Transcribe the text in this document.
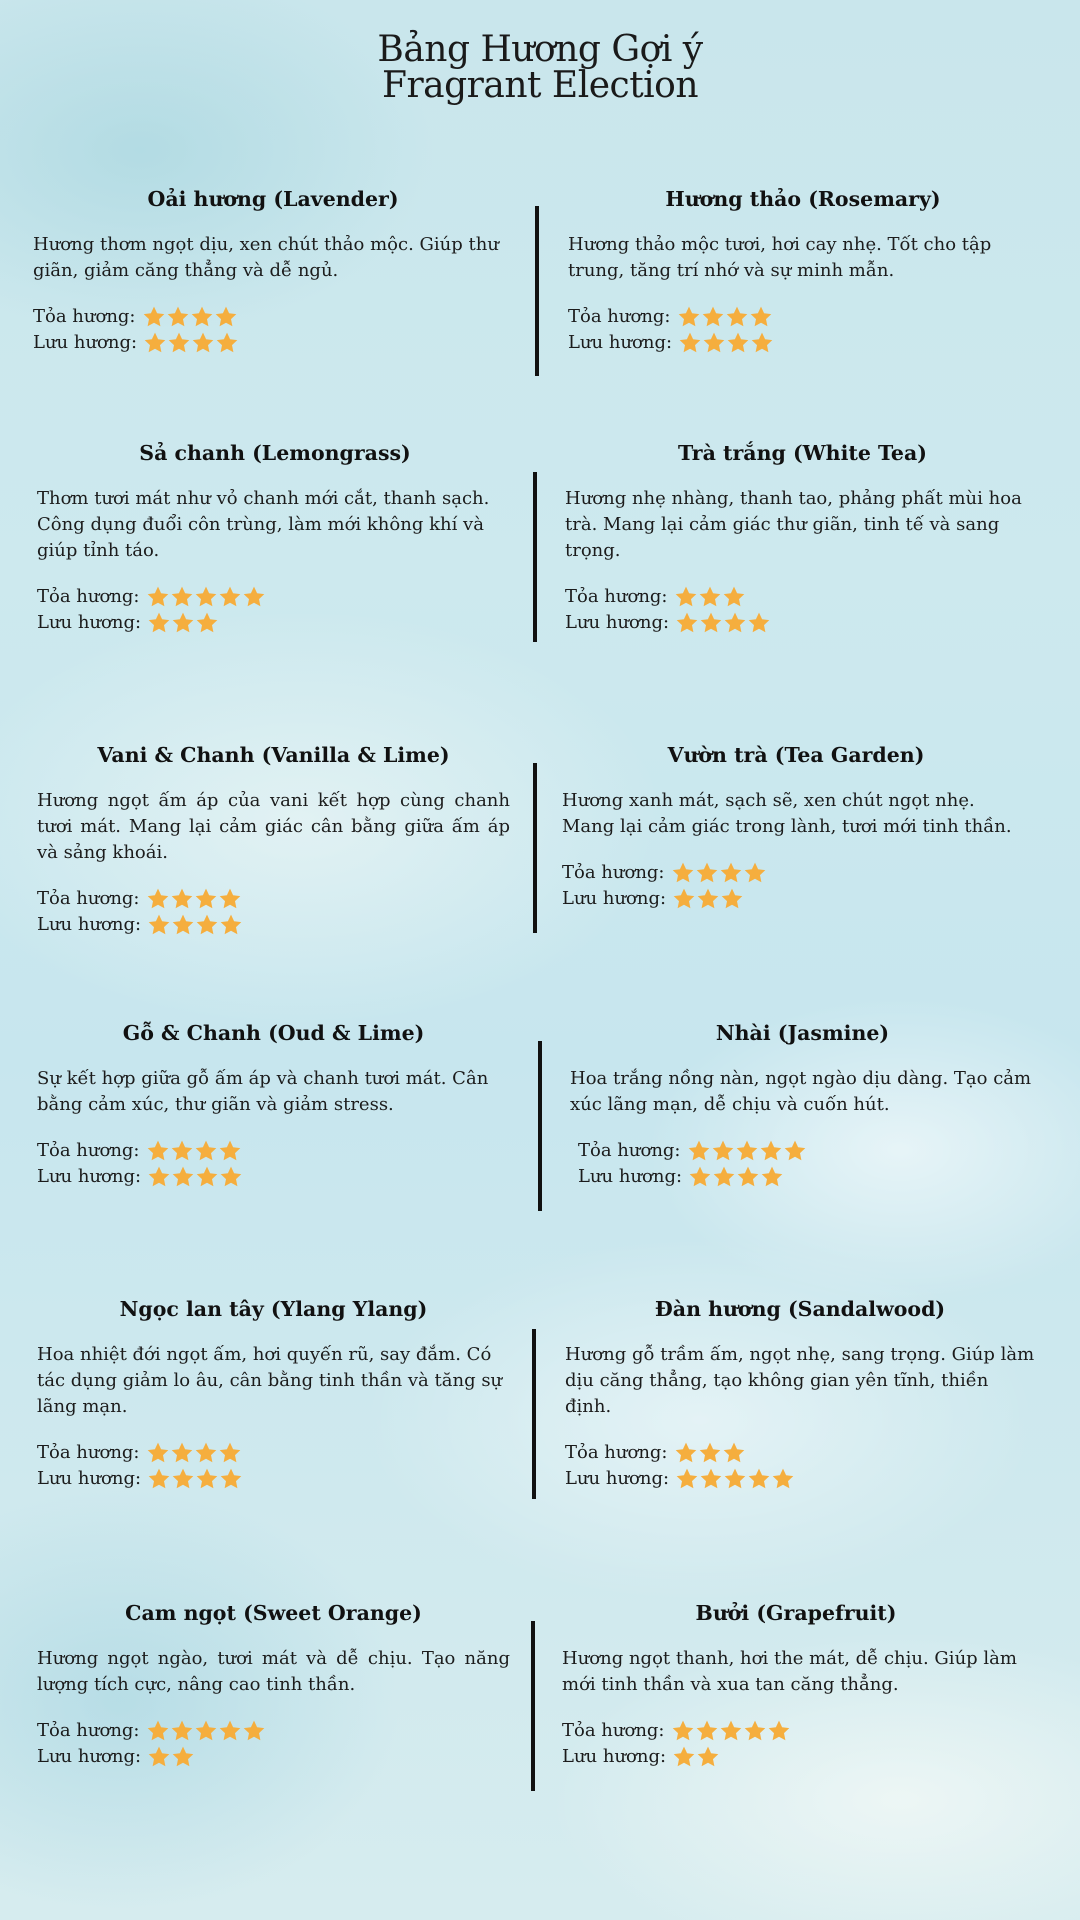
Bảng Hương Gợi ý
Fragrant Election
Oải hương (Lavender)
Hương thơm ngọt dịu, xen chút thảo mộc. Giúp thư giãn, giảm căng thẳng và dễ ngủ.
Tỏa hương:
Lưu hương:
Hương thảo (Rosemary)
Hương thảo mộc tươi, hơi cay nhẹ. Tốt cho tập trung, tăng trí nhớ và sự minh mẫn.
Tỏa hương:
Lưu hương:
Sả chanh (Lemongrass)
Thơm tươi mát như vỏ chanh mới cắt, thanh sạch. Công dụng đuổi côn trùng, làm mới không khí và giúp tỉnh táo.
Tỏa hương:
Lưu hương:
Trà trắng (White Tea)
Hương nhẹ nhàng, thanh tao, phảng phất mùi hoa trà. Mang lại cảm giác thư giãn, tinh tế và sang trọng.
Tỏa hương:
Lưu hương:
Vani & Chanh (Vanilla & Lime)
Hương ngọt ấm áp của vani kết hợp cùng chanh tươi mát. Mang lại cảm giác cân bằng giữa ấm áp và sảng khoái.
Tỏa hương:
Lưu hương:
Vườn trà (Tea Garden)
Hương xanh mát, sạch sẽ, xen chút ngọt nhẹ. Mang lại cảm giác trong lành, tươi mới tinh thần.
Tỏa hương:
Lưu hương:
Gỗ & Chanh (Oud & Lime)
Sự kết hợp giữa gỗ ấm áp và chanh tươi mát. Cân bằng cảm xúc, thư giãn và giảm stress.
Tỏa hương:
Lưu hương:
Nhài (Jasmine)
Hoa trắng nồng nàn, ngọt ngào dịu dàng. Tạo cảm xúc lãng mạn, dễ chịu và cuốn hút.
Tỏa hương:
Lưu hương:
Ngọc lan tây (Ylang Ylang)
Hoa nhiệt đới ngọt ấm, hơi quyến rũ, say đắm. Có tác dụng giảm lo âu, cân bằng tinh thần và tăng sự lãng mạn.
Tỏa hương:
Lưu hương:
Đàn hương (Sandalwood)
Hương gỗ trầm ấm, ngọt nhẹ, sang trọng. Giúp làm dịu căng thẳng, tạo không gian yên tĩnh, thiền định.
Tỏa hương:
Lưu hương:
Cam ngọt (Sweet Orange)
Hương ngọt ngào, tươi mát và dễ chịu. Tạo năng lượng tích cực, nâng cao tinh thần.
Tỏa hương:
Lưu hương:
Bưởi (Grapefruit)
Hương ngọt thanh, hơi the mát, dễ chịu. Giúp làm mới tinh thần và xua tan căng thẳng.
Tỏa hương:
Lưu hương:
